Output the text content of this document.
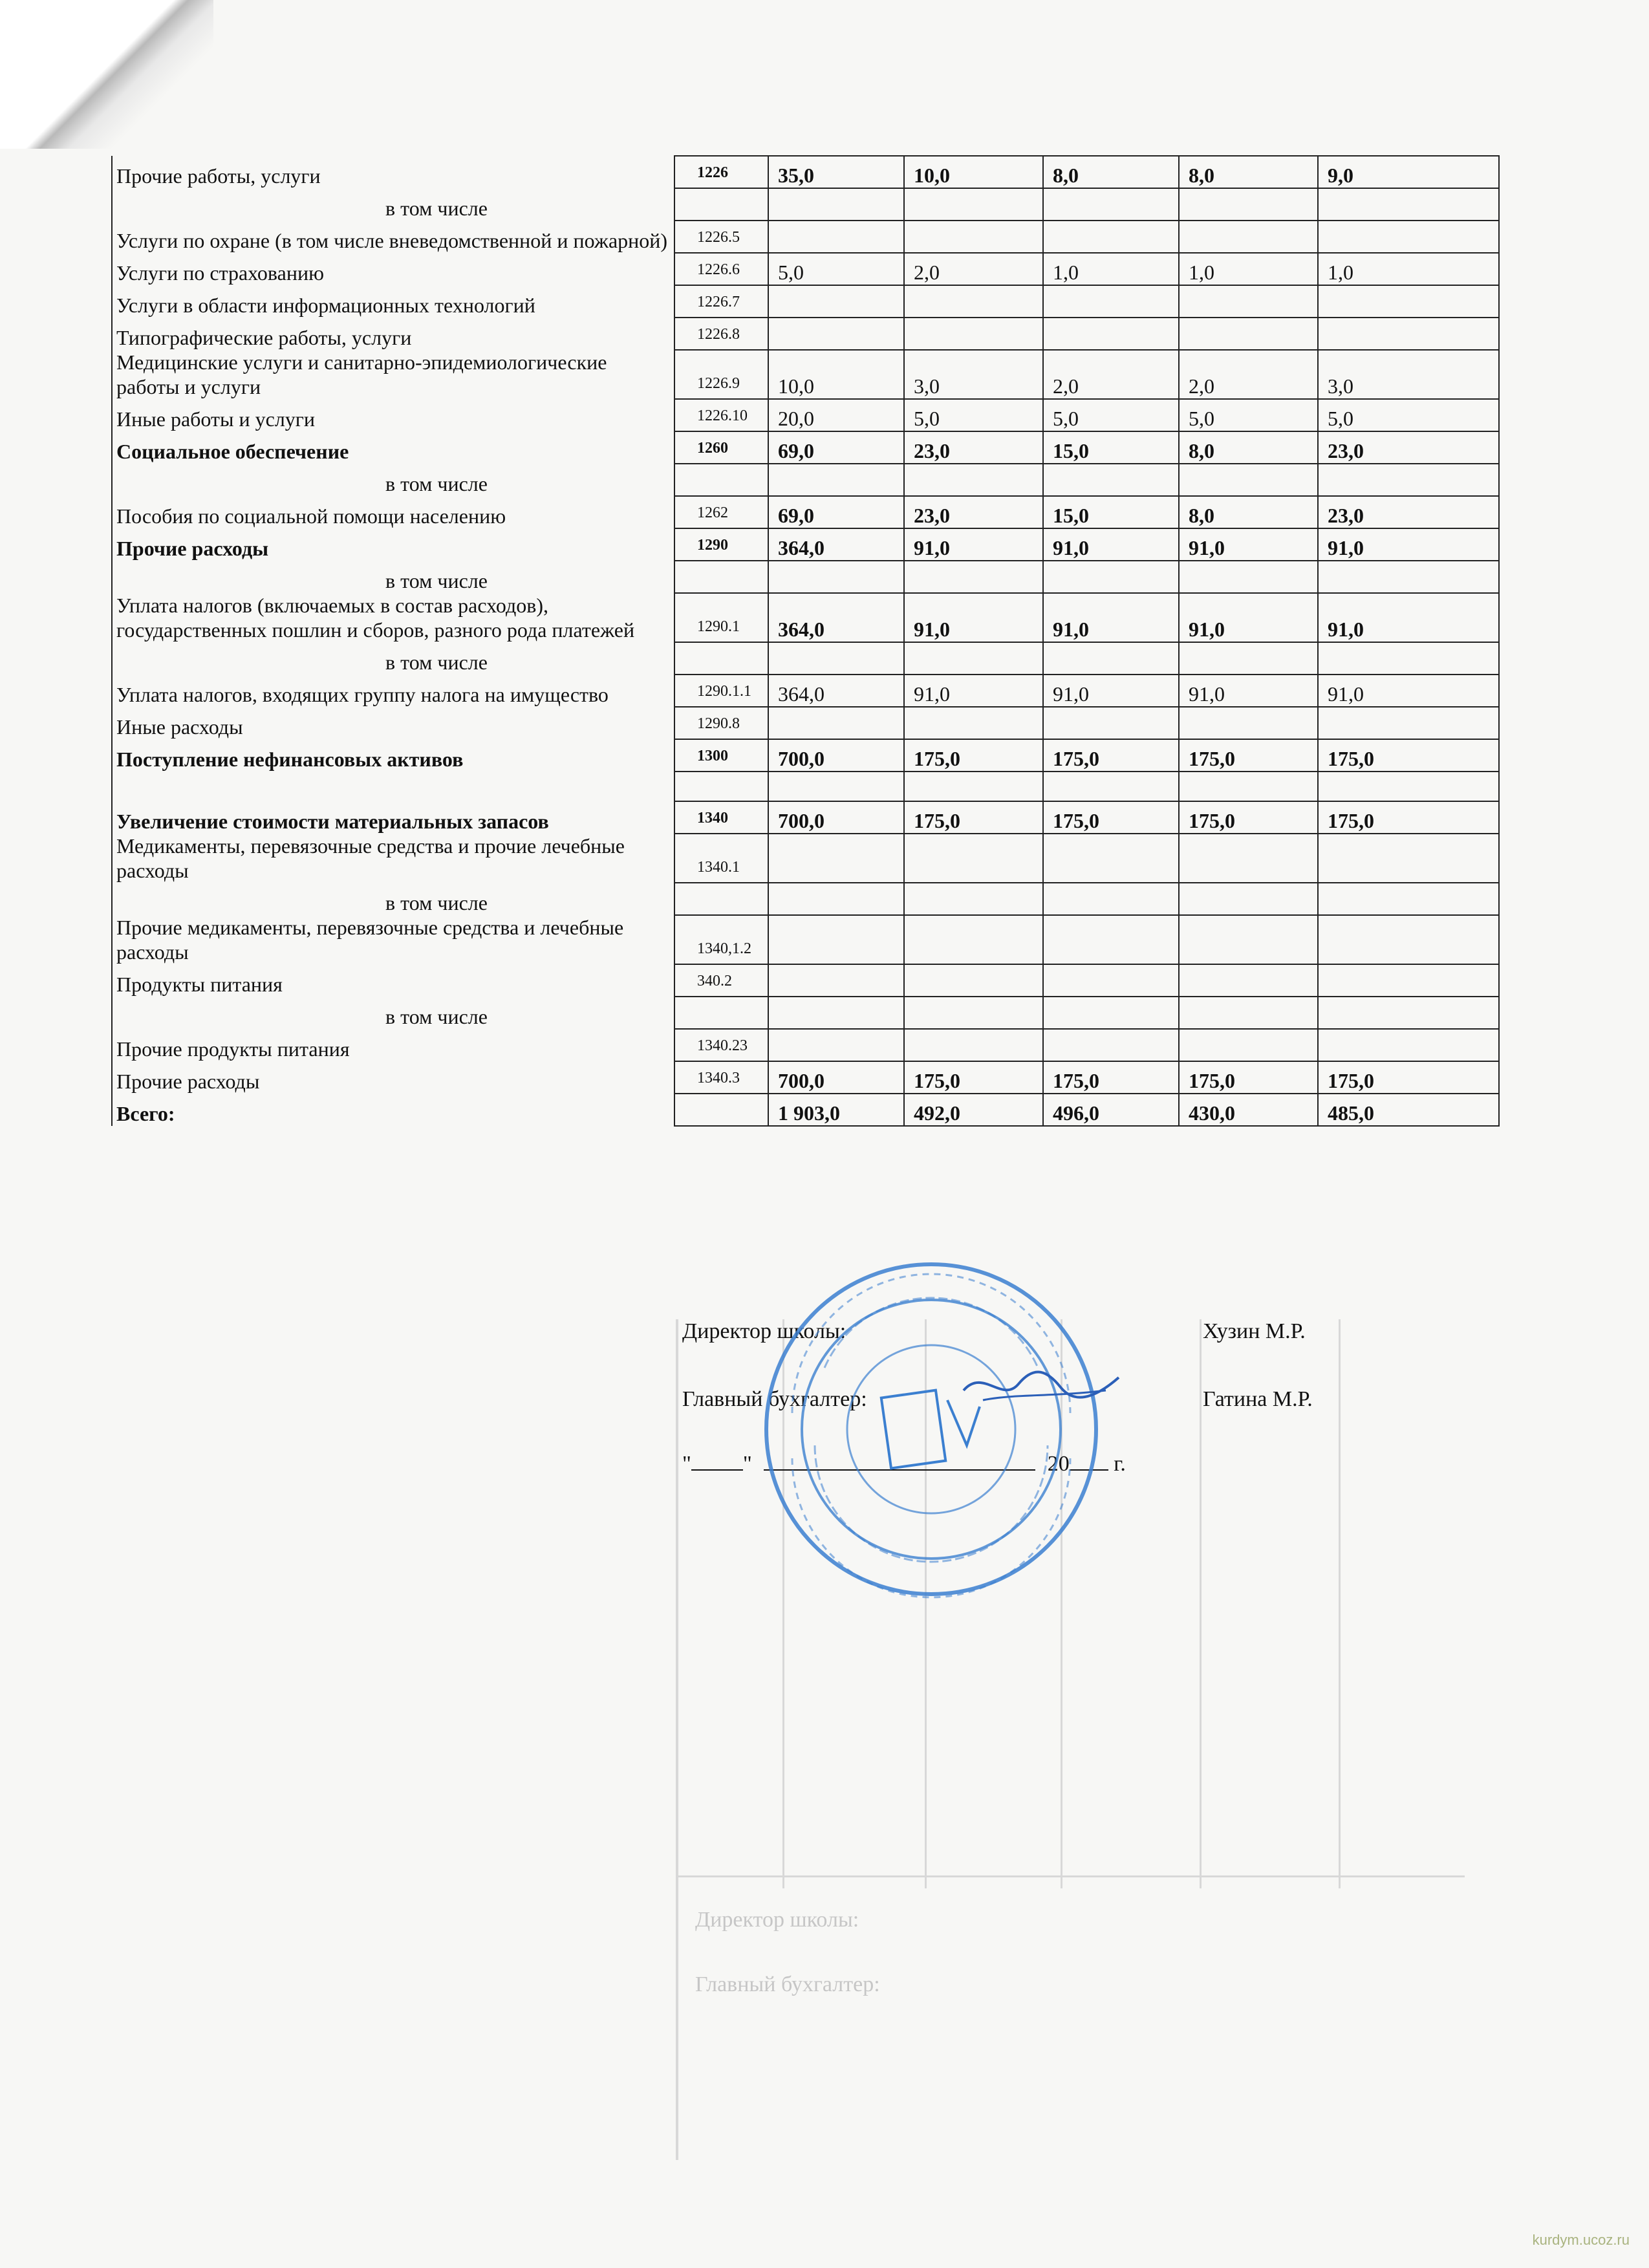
Директор школы:
Главный бухгалтер:
Прочие работы, услуги	1226	35,0	10,0	8,0	8,0	9,0
в том числе						
Услуги по охране (в том числе вневедомственной и пожарной)	1226.5					
Услуги по страхованию	1226.6	5,0	2,0	1,0	1,0	1,0
Услуги в области информационных технологий	1226.7					
Типографические работы, услуги	1226.8					
Медицинские услуги и санитарно-эпидемиологические работы и услуги	1226.9	10,0	3,0	2,0	2,0	3,0
Иные работы и услуги	1226.10	20,0	5,0	5,0	5,0	5,0
Социальное обеспечение	1260	69,0	23,0	15,0	8,0	23,0
в том числе						
Пособия по социальной помощи населению	1262	69,0	23,0	15,0	8,0	23,0
Прочие расходы	1290	364,0	91,0	91,0	91,0	91,0
в том числе						
Уплата налогов (включаемых в состав расходов), государственных пошлин и сборов, разного рода платежей	1290.1	364,0	91,0	91,0	91,0	91,0
в том числе						
Уплата налогов, входящих группу налога на имущество	1290.1.1	364,0	91,0	91,0	91,0	91,0
Иные расходы	1290.8					
Поступление нефинансовых активов	1300	700,0	175,0	175,0	175,0	175,0

Увеличение стоимости материальных запасов	1340	700,0	175,0	175,0	175,0	175,0
Медикаменты, перевязочные средства и прочие лечебные расходы	1340.1					
в том числе						
Прочие медикаменты, перевязочные средства и лечебные расходы	1340,1.2					
Продукты питания	340.2					
в том числе						
Прочие продукты питания	1340.23					
Прочие расходы	1340.3	700,0	175,0	175,0	175,0	175,0
Всего:		1 903,0	492,0	496,0	430,0	485,0
Директор школы:	Хузин М.Р.
Главный бухгалтер:	Гатина М.Р.
" "	20 г.
kurdym.ucoz.ru
